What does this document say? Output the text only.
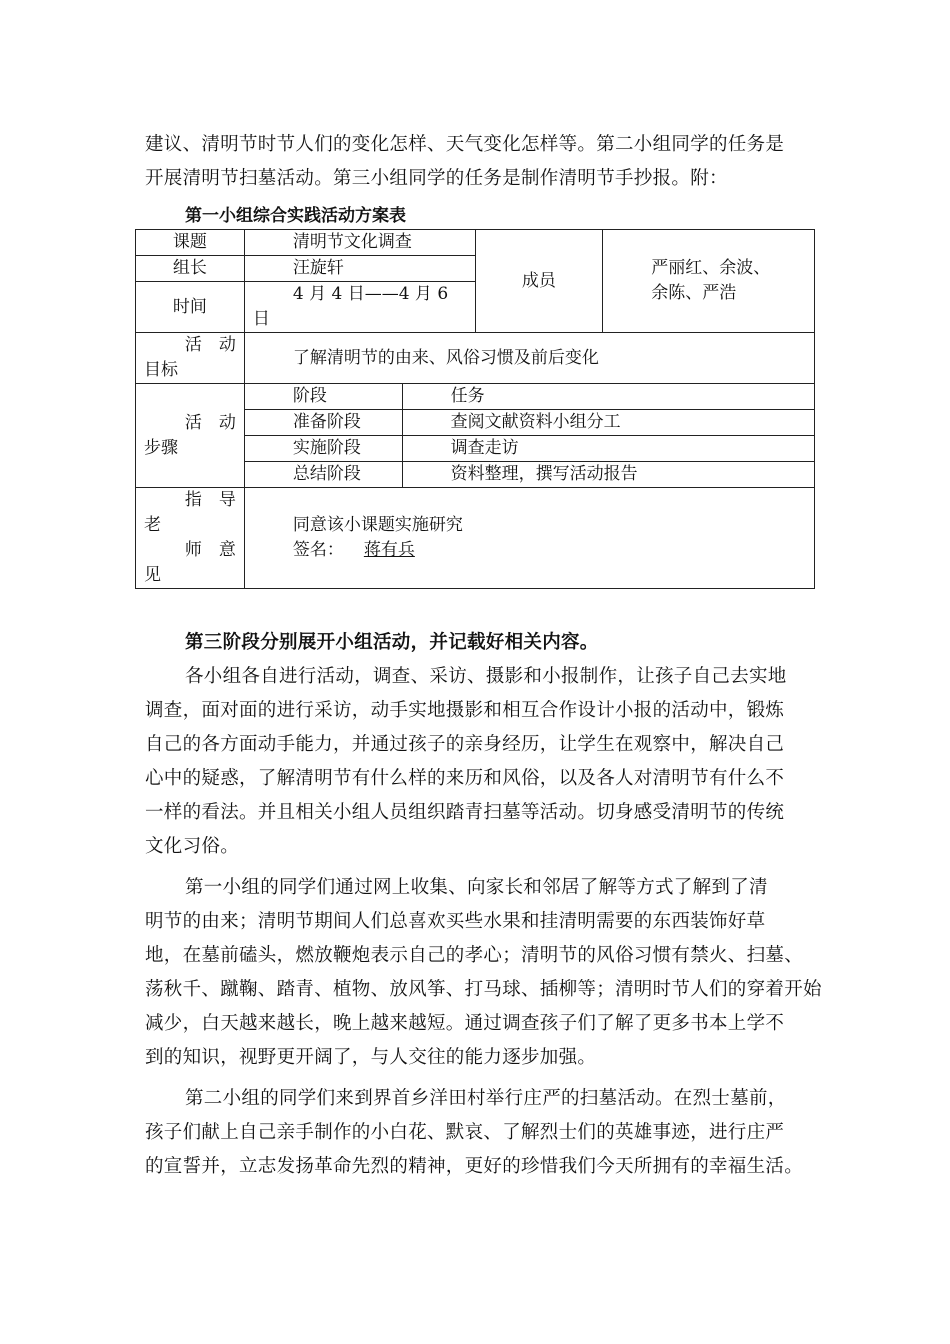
建议、清明节时节人们的变化怎样、天气变化怎样等。第二小组同学的任务是
开展清明节扫墓活动。第三小组同学的任务是制作清明节手抄报。附：

第一小组综合实践活动方案表
课题	清明节文化调查		成员	严丽红、余波、
余陈、严浩

组长	汪旋轩			
时间	4 月 4 日——4 月 6
日			

活　动
目标	了解清明节的由来、风俗习惯及前后变化			

活　动
步骤	阶段	任务		
	准备阶段	查阅文献资料小组分工		
	实施阶段	调查走访		
	总结阶段	资料整理，撰写活动报告		

指　导
老
师　意
见	同意该小课题实施研究
签名： 蒋有兵			

第三阶段分别展开小组活动，并记载好相关内容。

各小组各自进行活动，调查、采访、摄影和小报制作，让孩子自己去实地
调查，面对面的进行采访，动手实地摄影和相互合作设计小报的活动中，锻炼
自己的各方面动手能力，并通过孩子的亲身经历，让学生在观察中，解决自己
心中的疑惑，了解清明节有什么样的来历和风俗，以及各人对清明节有什么不
一样的看法。并且相关小组人员组织踏青扫墓等活动。切身感受清明节的传统
文化习俗。

第一小组的同学们通过网上收集、向家长和邻居了解等方式了解到了清
明节的由来；清明节期间人们总喜欢买些水果和挂清明需要的东西装饰好草
地，在墓前磕头，燃放鞭炮表示自己的孝心；清明节的风俗习惯有禁火、扫墓、
荡秋千、蹴鞠、踏青、植物、放风筝、打马球、插柳等；清明时节人们的穿着开始
减少，白天越来越长，晚上越来越短。通过调查孩子们了解了更多书本上学不
到的知识，视野更开阔了，与人交往的能力逐步加强。

第二小组的同学们来到界首乡洋田村举行庄严的扫墓活动。在烈士墓前，
孩子们献上自己亲手制作的小白花、默哀、了解烈士们的英雄事迹，进行庄严
的宣誓并，立志发扬革命先烈的精神，更好的珍惜我们今天所拥有的幸福生活。
